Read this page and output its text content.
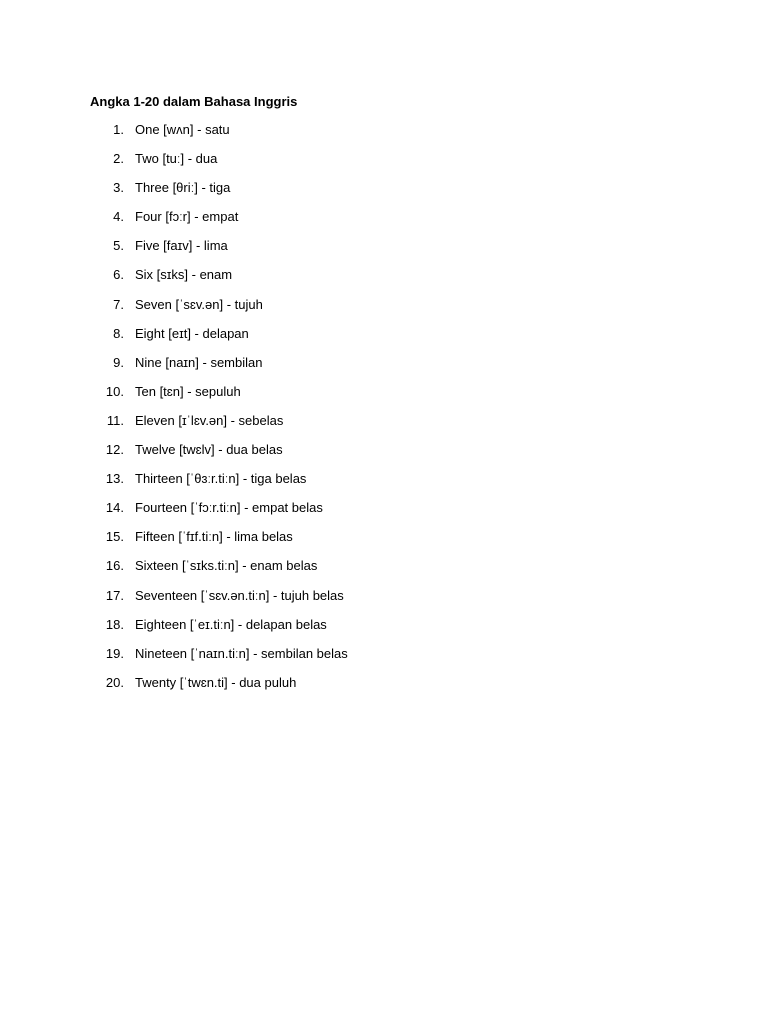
Angka 1-20 dalam Bahasa Inggris
1. One [wʌn] - satu
2. Two [tuː] - dua
3. Three [θriː] - tiga
4. Four [fɔːr] - empat
5. Five [faɪv] - lima
6. Six [sɪks] - enam
7. Seven [ˈsɛv.ən] - tujuh
8. Eight [eɪt] - delapan
9. Nine [naɪn] - sembilan
10. Ten [tɛn] - sepuluh
11. Eleven [ɪˈlɛv.ən] - sebelas
12. Twelve [twɛlv] - dua belas
13. Thirteen [ˈθɜːr.tiːn] - tiga belas
14. Fourteen [ˈfɔːr.tiːn] - empat belas
15. Fifteen [ˈfɪf.tiːn] - lima belas
16. Sixteen [ˈsɪks.tiːn] - enam belas
17. Seventeen [ˈsɛv.ən.tiːn] - tujuh belas
18. Eighteen [ˈeɪ.tiːn] - delapan belas
19. Nineteen [ˈnaɪn.tiːn] - sembilan belas
20. Twenty [ˈtwɛn.ti] - dua puluh
